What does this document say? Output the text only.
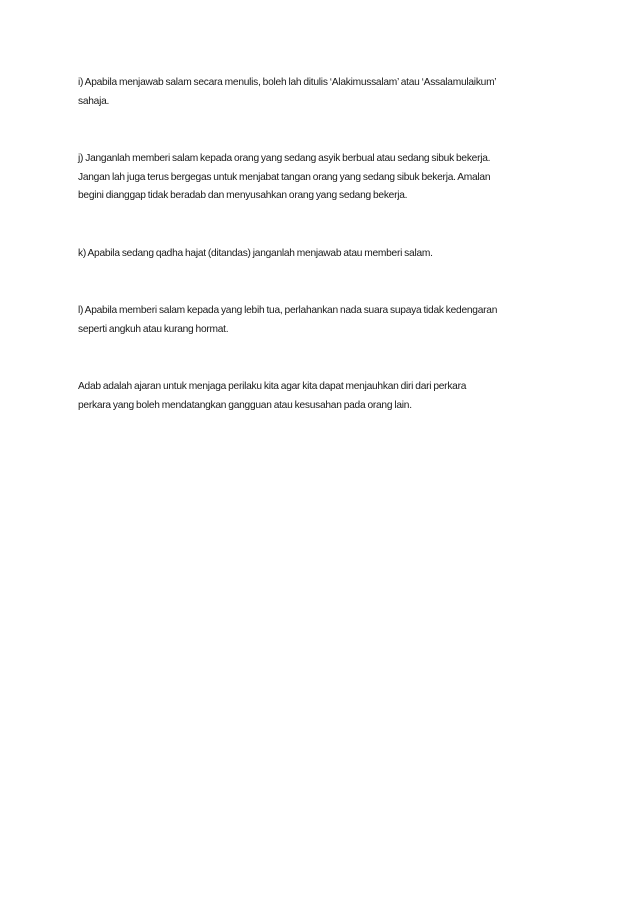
i) Apabila menjawab salam secara menulis, boleh lah ditulis ‘Alakimussalam’ atau ‘Assalamulaikum’
sahaja.

j) Janganlah memberi salam kepada orang yang sedang asyik berbual atau sedang sibuk bekerja.
Jangan lah juga terus bergegas untuk menjabat tangan orang yang sedang sibuk bekerja. Amalan
begini dianggap tidak beradab dan menyusahkan orang yang sedang bekerja.

k) Apabila sedang qadha hajat (ditandas) janganlah menjawab atau memberi salam.

l) Apabila memberi salam kepada yang lebih tua, perlahankan nada suara supaya tidak kedengaran
seperti angkuh atau kurang hormat.

Adab adalah ajaran untuk menjaga perilaku kita agar kita dapat menjauhkan diri dari perkara
perkara yang boleh mendatangkan gangguan atau kesusahan pada orang lain.
